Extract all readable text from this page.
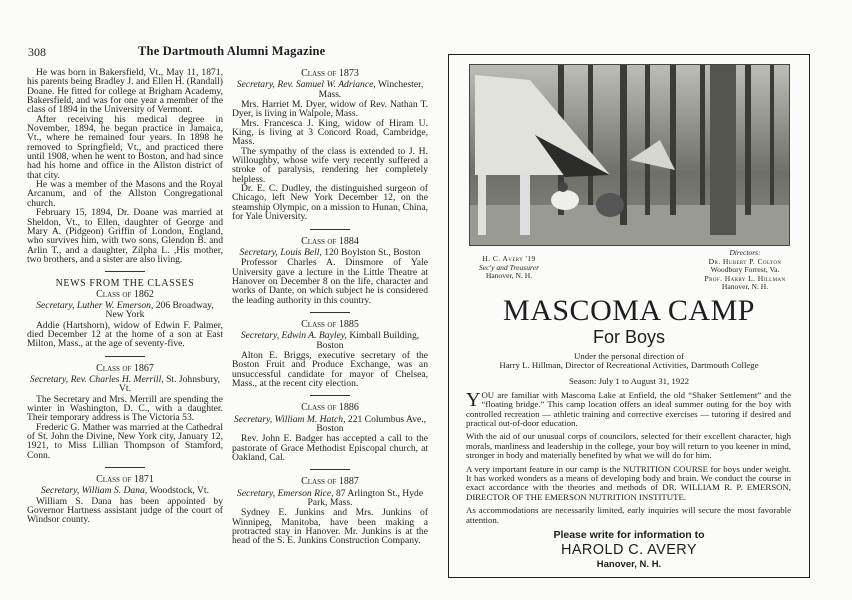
308	The Dartmouth Alumni Magazine

He was born in Bakersfield, Vt., May 11, 1871, his parents being Bradley J. and Ellen H. (Randall) Doane. He fitted for college at Brigham Academy, Bakersfield, and was for one year a member of the class of 1894 in the University of Vermont.

After receiving his medical degree in November, 1894, he began practice in Jamaica, Vt., where he remained four years. In 1898 he removed to Springfield, Vt., and practiced there until 1908, when he went to Boston, and had since had his home and office in the Allston district of that city.

He was a member of the Masons and the Royal Arcanum, and of the Allston Congregational church.

February 15, 1894, Dr. Doane was married at Sheldon, Vt., to Ellen, daughter of George and Mary A. (Pidgeon) Griffin of London, England, who survives him, with two sons, Glendon B. and Arlin T., and a daughter, Zilpha L. ,His mother, two brothers, and a sister are also living.

NEWS FROM THE CLASSES
Class of 1862
Secretary, Luther W. Emerson, 206 Broadway, New York

Addie (Hartshorn), widow of Edwin F. Palmer, died December 12 at the home of a son at East Milton, Mass., at the age of seventy-five.

Class of 1867
Secretary, Rev. Charles H. Merrill, St. Johnsbury, Vt.

The Secretary and Mrs. Merrill are spending the winter in Washington, D. C., with a daughter. Their temporary address is The Victoria 53.

Frederic G. Mather was married at the Cathedral of St. John the Divine, New York city, January 12, 1921, to Miss Lillian Thompson of Stamford, Conn.

Class of 1871
Secretary, William S. Dana, Woodstock, Vt.

William S. Dana has been appointed by Governor Hartness assistant judge of the court of Windsor county.

Class of 1873
Secretary, Rev. Samuel W. Adriance, Winchester, Mass.

Mrs. Harriet M. Dyer, widow of Rev. Nathan T. Dyer, is living in Walpole, Mass.

Mrs. Francesca J. King, widow of Hiram U. King, is living at 3 Concord Road, Cambridge, Mass.

The sympathy of the class is extended to J. H. Willoughby, whose wife very recently suffered a stroke of paralysis, rendering her completely helpless.

Dr. E. C. Dudley, the distinguished surgeon of Chicago, left New York December 12, on the steamship Olympic, on a mission to Hunan, China, for Yale University.

Class of 1884
Secretary, Louis Bell, 120 Boylston St., Boston

Professor Charles A. Dinsmore of Yale University gave a lecture in the Little Theatre at Hanover on December 8 on the life, character and works of Dante, on which subject he is considered the leading authority in this country.

Class of 1885
Secretary, Edwin A. Bayley, Kimball Building, Boston

Alton E. Briggs, executive secretary of the Boston Fruit and Produce Exchange, was an unsuccessful candidate for mayor of Chelsea, Mass., at the recent city election.

Class of 1886
Secretary, William M. Hatch, 221 Columbus Ave., Boston

Rev. John E. Badger has accepted a call to the pastorate of Grace Methodist Episcopal church, at Oakland, Cal.

Class of 1887
Secretary, Emerson Rice, 87 Arlington St., Hyde Park, Mass.

Sydney E. Junkins and Mrs. Junkins of Winnipeg, Manitoba, have been making a protracted stay in Hanover. Mr. Junkins is at the head of the S. E. Junkins Construction Company.

H. C. Avery '19
Sec'y and Treasurer
Hanover, N. H.
Directors:
Dr. Hubert P. Colton
Woodbury Forrest, Va.
Prof. Harry L. Hillman
Hanover, N. H.
MASCOMA CAMP
For Boys
Under the personal direction of
Harry L. Hillman, Director of Recreational Activities, Dartmouth College
Season: July 1 to August 31, 1922

YOU are familiar with Mascoma Lake at Enfield, the old “Shaker Settlement” and the “floating bridge.” This camp location offers an ideal summer outing for the boy with controlled recreation — athletic training and corrective exercises — tutoring if desired and practical out-of-door education.

With the aid of our unusual corps of councilors, selected for their excellent character, high morals, manliness and leadership in the college, your boy will return to you keener in mind, stronger in body and materially benefited by what we will do for him.

A very important feature in our camp is the NUTRITION COURSE for boys under weight. It has worked wonders as a means of developing body and brain. We conduct the course in exact accordance with the theories and methods of DR. WILLIAM R. P. EMERSON, DIRECTOR OF THE EMERSON NUTRITION INSTITUTE.

As accommodations are necessarily limited, early inquiries will secure the most favorable attention.

Please write for information to
HAROLD C. AVERY
Hanover, N. H.
